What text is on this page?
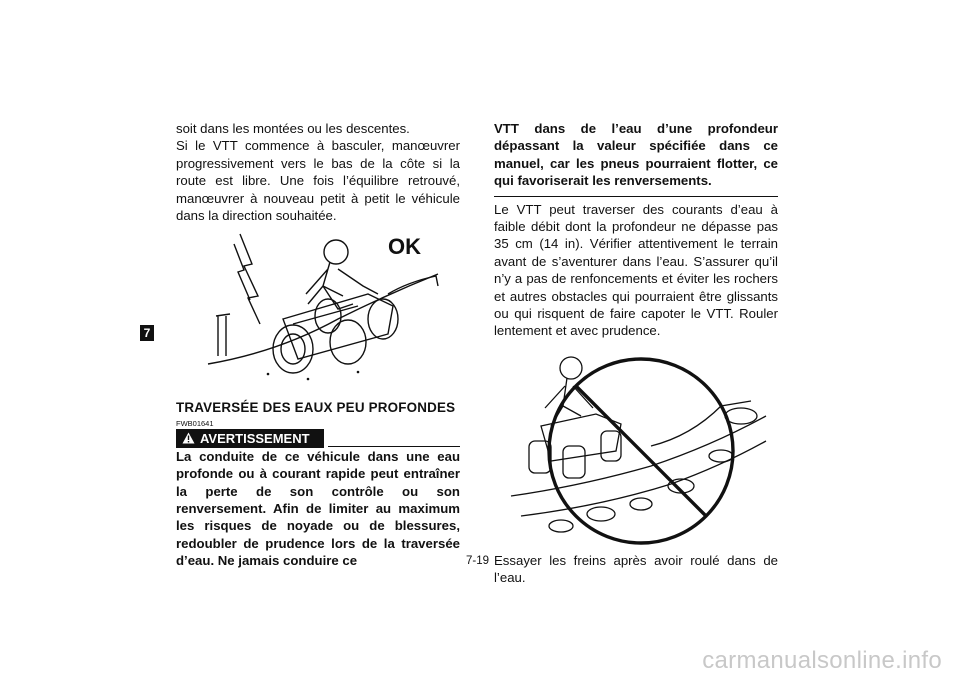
7

soit dans les montées ou les descentes.

Si le VTT commence à basculer, manœuvrer progressivement vers le bas de la côte si la route est libre. Une fois l’équilibre retrouvé, manœuvrer à nouveau petit à petit le véhicule dans la direction souhaitée.

OK
TRAVERSÉE DES EAUX PEU PROFONDES
FWB01641
AVERTISSEMENT

La conduite de ce véhicule dans une eau profonde ou à courant rapide peut entraîner la perte de son contrôle ou son renversement. Afin de limiter au maximum les risques de noyade ou de blessures, redoubler de prudence lors de la traversée d’eau. Ne jamais conduire ce

VTT dans de l’eau d’une profondeur dépassant la valeur spécifiée dans ce manuel, car les pneus pourraient flotter, ce qui favoriserait les renversements.

Le VTT peut traverser des courants d’eau à faible débit dont la profondeur ne dépasse pas 35 cm (14 in). Vérifier attentivement le terrain avant de s’aventurer dans l’eau. S’assurer qu’il n’y a pas de renfoncements et éviter les rochers et autres obstacles qui pourraient être glissants ou qui risquent de faire capoter le VTT. Rouler lentement et avec prudence.

Essayer les freins après avoir roulé dans de l’eau.

7-19
carmanualsonline.info
